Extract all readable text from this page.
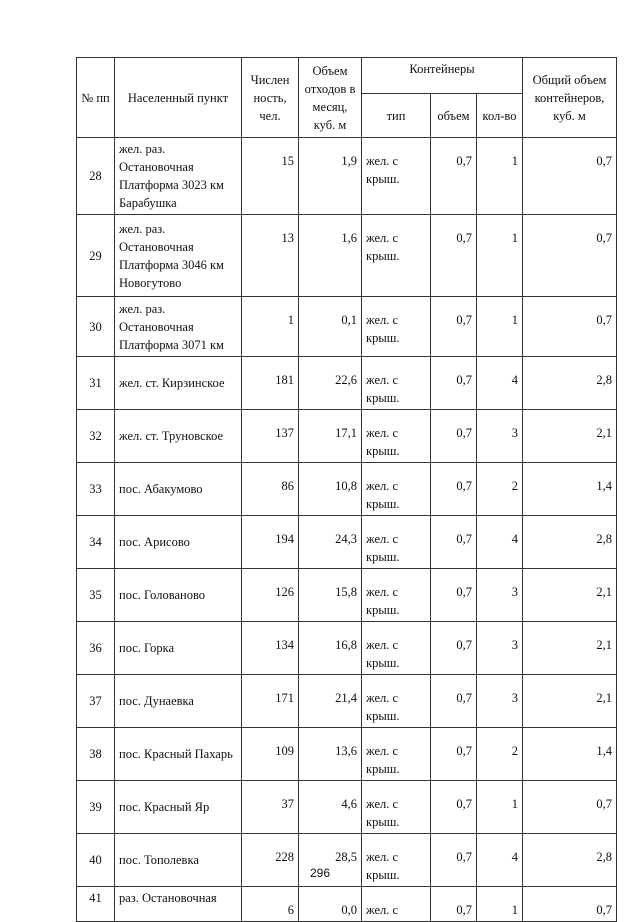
№ пп	Населенный пункт	Числен ность, чел.	Объем отходов в месяц, куб. м	Контейнеры			Общий объем контейнеров, куб. м
				тип	объем	кол-во	
28	жел. раз. Остановочная Платформа 3023 км Барабушка	15	1,9	жел. с крыш.	0,7	1	0,7
29	жел. раз. Остановочная Платформа 3046 км Новогутово	13	1,6	жел. с крыш.	0,7	1	0,7
30	жел. раз. Остановочная Платформа 3071 км	1	0,1	жел. с крыш.	0,7	1	0,7
31	жел. ст. Кирзинское	181	22,6	жел. с крыш.	0,7	4	2,8
32	жел. ст. Труновское	137	17,1	жел. с крыш.	0,7	3	2,1
33	пос. Абакумово	86	10,8	жел. с крыш.	0,7	2	1,4
34	пос. Арисово	194	24,3	жел. с крыш.	0,7	4	2,8
35	пос. Голованово	126	15,8	жел. с крыш.	0,7	3	2,1
36	пос. Горка	134	16,8	жел. с крыш.	0,7	3	2,1
37	пос. Дунаевка	171	21,4	жел. с крыш.	0,7	3	2,1
38	пос. Красный Пахарь	109	13,6	жел. с крыш.	0,7	2	1,4
39	пос. Красный Яр	37	4,6	жел. с крыш.	0,7	1	0,7
40	пос. Тополевка	228	28,5	жел. с крыш.	0,7	4	2,8
41	раз. Остановочная	6	0,0	жел. с	0,7	1	0,7
296
